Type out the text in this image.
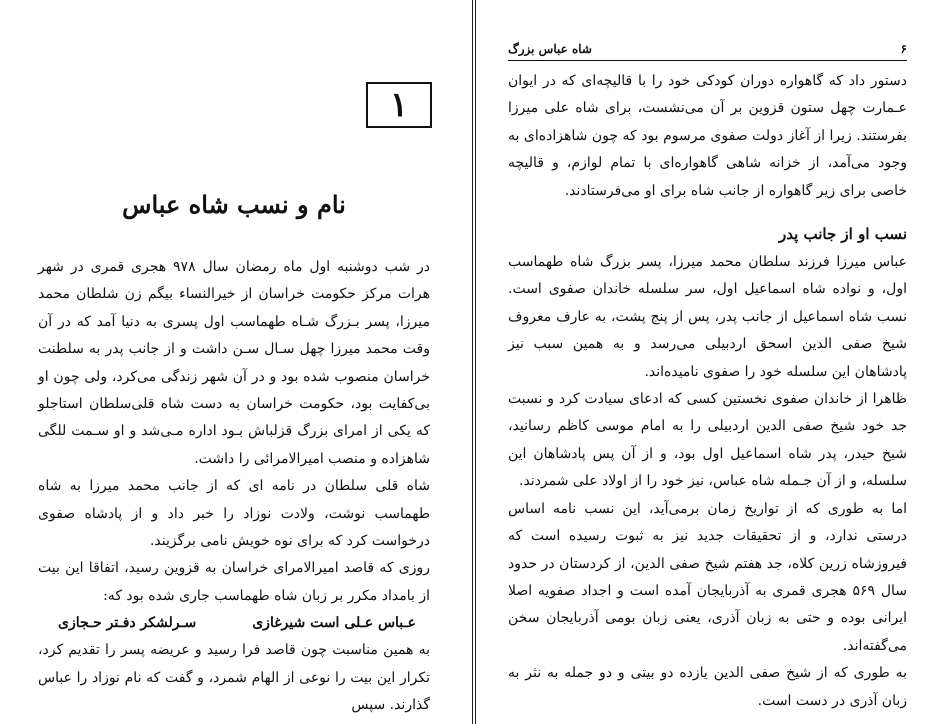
۱
نام و نسب شاه عباس

در شب دوشنبه اول ماه رمضان سال ۹۷۸ هجری قمری در شهر هرات مرکز حکومت خراسان از خیرالنساء بیگم زن شلطان محمد میرزا، پسر بـزرگ شـاه طهماسب اول پسری به دنیا آمد که در آن وقت محمد میرزا چهل سـال سـن داشت و از جانب پدر به سلطنت خراسان منصوب شده بود و در آن شهر زندگی می‌کرد، ولی چون او بی‌کفایت بود، حکومت خراسان به دست شاه قلی‌سلطان استاجلو که یکی از امرای بزرگ قزلباش بـود اداره مـی‌شد و او سـمت للگی شاهزاده و منصب امیرالامرائی را داشت.

شاه قلی سلطان در نامه ای که از جانب محمد میرزا به شاه طهماسب نوشت، ولادت نوزاد را خبر داد و از پادشاه صفوی درخواست کرد که برای نوه خویش نامی برگزیند.

روزی که قاصد امیرالامرای خراسان به قزوین رسید، اتفاقا این بیت از بامداد مکرر بر زبان شاه طهماسب جاری شده بود که:

عـباس عـلی است شیرغازی
سـرلشکر دفـتر حـجازی

به همین مناسبت چون قاصد فرا رسید و عریضه پسر را تقدیم کرد، تکرار این بیت را نوعی از الهام شمرد، و گفت که نام نوزاد را عباس گذارند. سپس

۶
شاه عباس بزرگ

دستور داد که گاهواره دوران کودکی خود را با قالیچه‌ای که در ایوان عـمارت چهل ستون قزوین بر آن می‌نشست، برای شاه علی میرزا بفرستند. زیرا از آغاز دولت صفوی مرسوم بود که چون شاهزاده‌ای به وجود می‌آمد، از خزانه شاهی گاهواره‌ای با تمام لوازم، و قالیچه خاصی برای زیر گاهواره از جانب شاه برای او می‌فرستادند.

نسب او از جانب پدر

عباس میرزا فرزند سلطان محمد میرزا، پسر بزرگ شاه طهماسب اول، و نواده شاه اسماعیل اول، سر سلسله خاندان صفوی است. نسب شاه اسماعیل از جانب پدر، پس از پنج پشت، به عارف معروف شیخ صفی الدین اسحق اردبیلی می‌رسد و به همین سبب نیز پادشاهان این سلسله خود را صفوی نامیده‌اند.

ظاهرا از خاندان صفوی نخستین کسی که ادعای سیادت کرد و نسبت جد خود شیخ صفی الدین اردبیلی را به امام موسی کاظم رسانید، شیخ حیدر، پدر شاه اسماعیل اول بود، و از آن پس پادشاهان این سلسله، و از آن جـمله شاه عباس، نیز خود را از اولاد علی شمردند.

اما به طوری که از تواریخ زمان برمی‌آید، این نسب نامه اساس درستی ندارد، و از تحقیقات جدید نیز به ثبوت رسیده است که فیروزشاه زرین کلاه، جد هفتم شیخ صفی الدین، از کردستان در حدود سال ۵۶۹ هجری قمری به آذربایجان آمده است و اجداد صفویه اصلا ایرانی بوده و حتی به زبان آذری، یعنی زبان بومی آذربایجان سخن می‌گفته‌اند.

به طوری که از شیخ صفی الدین یازده دو بیتی و دو جمله به نثر به زبان آذری در دست است.
